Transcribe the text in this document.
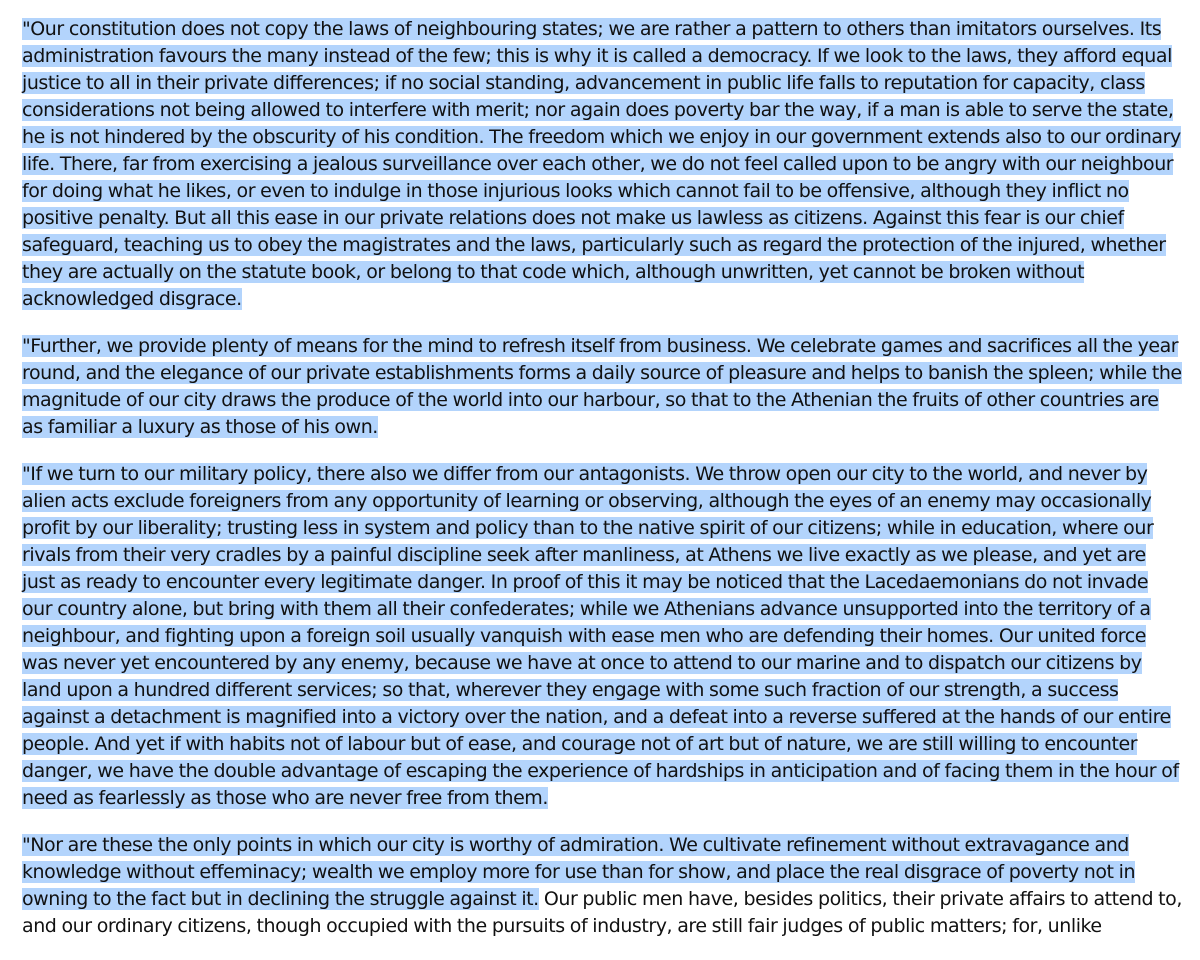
"Our constitution does not copy the laws of neighbouring states; we are rather a pattern to others than imitators ourselves. Its administration favours the many instead of the few; this is why it is called a democracy. If we look to the laws, they afford equal justice to all in their private differences; if no social standing, advancement in public life falls to reputation for capacity, class considerations not being allowed to interfere with merit; nor again does poverty bar the way, if a man is able to serve the state, he is not hindered by the obscurity of his condition. The freedom which we enjoy in our government extends also to our ordinary life. There, far from exercising a jealous surveillance over each other, we do not feel called upon to be angry with our neighbour for doing what he likes, or even to indulge in those injurious looks which cannot fail to be offensive, although they inflict no positive penalty. But all this ease in our private relations does not make us lawless as citizens. Against this fear is our chief safeguard, teaching us to obey the magistrates and the laws, particularly such as regard the protection of the injured, whether they are actually on the statute book, or belong to that code which, although unwritten, yet cannot be broken without acknowledged disgrace.

"Further, we provide plenty of means for the mind to refresh itself from business. We celebrate games and sacrifices all the year round, and the elegance of our private establishments forms a daily source of pleasure and helps to banish the spleen; while the magnitude of our city draws the produce of the world into our harbour, so that to the Athenian the fruits of other countries are as familiar a luxury as those of his own.

"If we turn to our military policy, there also we differ from our antagonists. We throw open our city to the world, and never by alien acts exclude foreigners from any opportunity of learning or observing, although the eyes of an enemy may occasionally profit by our liberality; trusting less in system and policy than to the native spirit of our citizens; while in education, where our rivals from their very cradles by a painful discipline seek after manliness, at Athens we live exactly as we please, and yet are just as ready to encounter every legitimate danger. In proof of this it may be noticed that the Lacedaemonians do not invade our country alone, but bring with them all their confederates; while we Athenians advance unsupported into the territory of a neighbour, and fighting upon a foreign soil usually vanquish with ease men who are defending their homes. Our united force was never yet encountered by any enemy, because we have at once to attend to our marine and to dispatch our citizens by land upon a hundred different services; so that, wherever they engage with some such fraction of our strength, a success against a detachment is magnified into a victory over the nation, and a defeat into a reverse suffered at the hands of our entire people. And yet if with habits not of labour but of ease, and courage not of art but of nature, we are still willing to encounter danger, we have the double advantage of escaping the experience of hardships in anticipation and of facing them in the hour of need as fearlessly as those who are never free from them.

"Nor are these the only points in which our city is worthy of admiration. We cultivate refinement without extravagance and knowledge without effeminacy; wealth we employ more for use than for show, and place the real disgrace of poverty not in owning to the fact but in declining the struggle against it. Our public men have, besides politics, their private affairs to attend to, and our ordinary citizens, though occupied with the pursuits of industry, are still fair judges of public matters; for, unlike
